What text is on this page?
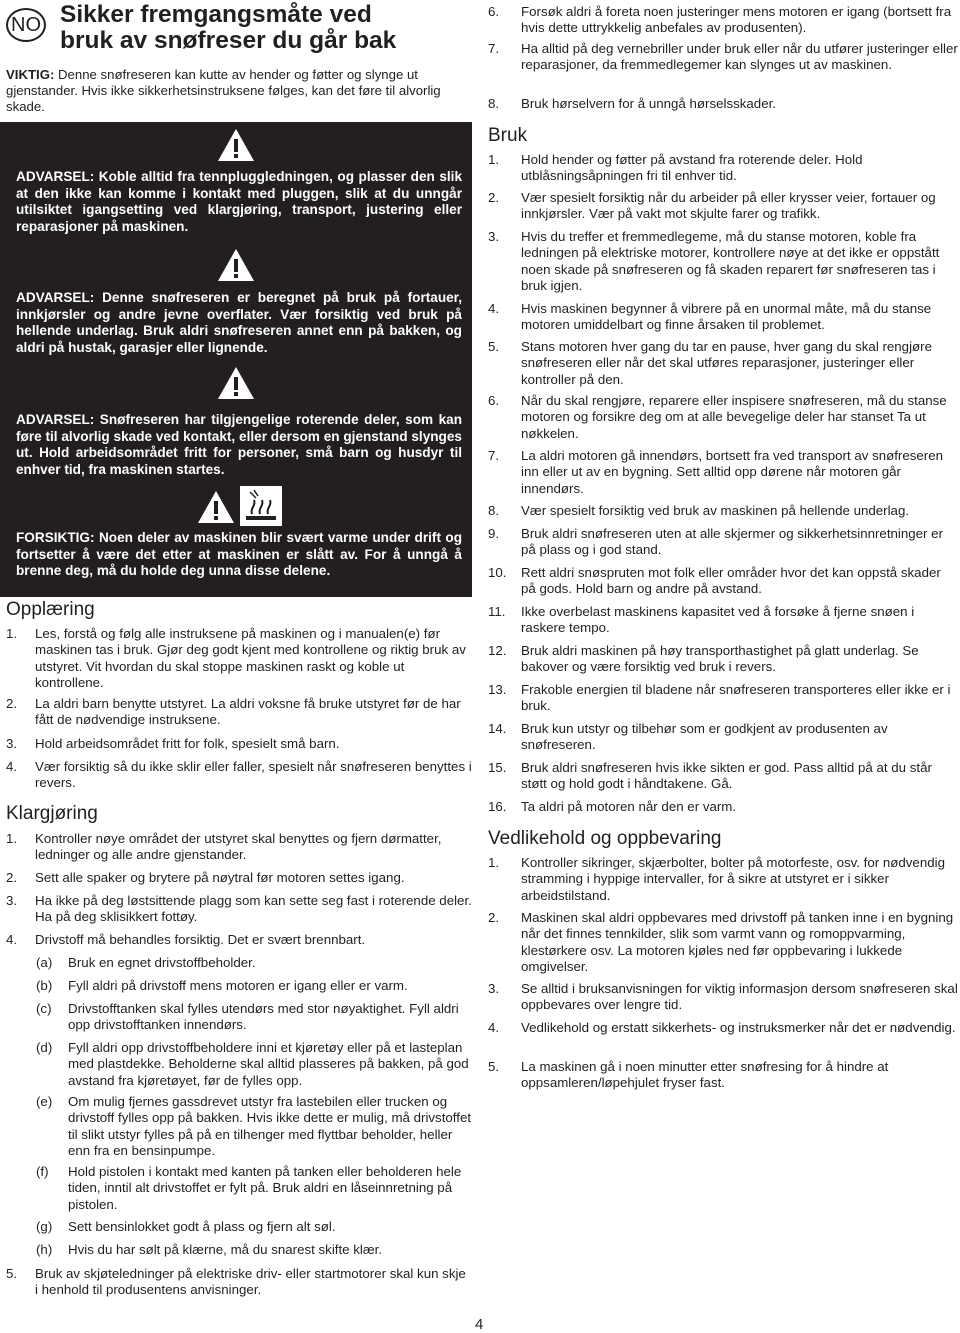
NO Sikker fremgangsmåte ved
bruk av snøfreser du går bak
VIKTIG: Denne snøfreseren kan kutte av hender og føtter og slynge ut gjenstander. Hvis ikke sikkerhetsinstruksene følges, kan det føre til alvorlig skade.
ADVARSEL: Koble alltid fra tennpluggledningen, og plasser den slik at den ikke kan komme i kontakt med pluggen, slik at du unngår utilsiktet igangsetting ved klargjøring, transport, justering eller reparasjoner på maskinen.
ADVARSEL: Denne snøfreseren er beregnet på bruk på fortauer, innkjørsler og andre jevne overflater. Vær forsiktig ved bruk på hellende underlag. Bruk aldri snøfreseren annet enn på bakken, og aldri på hustak, garasjer eller lignende.
ADVARSEL: Snøfreseren har tilgjengelige roterende deler, som kan føre til alvorlig skade ved kontakt, eller dersom en gjenstand slynges ut. Hold arbeidsområdet fritt for personer, små barn og husdyr til enhver tid, fra maskinen startes.
FORSIKTIG: Noen deler av maskinen blir svært varme under drift og fortsetter å være det etter at maskinen er slått av. For å unngå å brenne deg, må du holde deg unna disse delene.
Opplæring
1. Les, forstå og følg alle instruksene på maskinen og i manualen(e) før maskinen tas i bruk. Gjør deg godt kjent med kontrollene og riktig bruk av utstyret. Vit hvordan du skal stoppe maskinen raskt og koble ut kontrollene.
2. La aldri barn benytte utstyret. La aldri voksne få bruke utstyret før de har fått de nødvendige instruksene.
3. Hold arbeidsområdet fritt for folk, spesielt små barn.
4. Vær forsiktig så du ikke sklir eller faller, spesielt når snøfreseren benyttes i revers.
Klargjøring
1. Kontroller nøye området der utstyret skal benyttes og fjern dørmatter, ledninger og alle andre gjenstander.
2. Sett alle spaker og brytere på nøytral før motoren settes igang.
3. Ha ikke på deg løstsittende plagg som kan sette seg fast i roterende deler. Ha på deg sklisikkert fottøy.
4. Drivstoff må behandles forsiktig. Det er svært brennbart.
(a) Bruk en egnet drivstoffbeholder.
(b) Fyll aldri på drivstoff mens motoren er igang eller er varm.
(c) Drivstofftanken skal fylles utendørs med stor nøyaktighet. Fyll aldri opp drivstofftanken innendørs.
(d) Fyll aldri opp drivstoffbeholdere inni et kjøretøy eller på et lasteplan med plastdekke. Beholderne skal alltid plasseres på bakken, på god avstand fra kjøretøyet, før de fylles opp.
(e) Om mulig fjernes gassdrevet utstyr fra lastebilen eller trucken og drivstoff fylles opp på bakken. Hvis ikke dette er mulig, må drivstoffet til slikt utstyr fylles på på en tilhenger med flyttbar beholder, heller enn fra en bensinpumpe.
(f) Hold pistolen i kontakt med kanten på tanken eller beholderen hele tiden, inntil alt drivstoffet er fylt på. Bruk aldri en låseinnretning på pistolen.
(g) Sett bensinlokket godt å plass og fjern alt søl.
(h) Hvis du har sølt på klærne, må du snarest skifte klær.
5. Bruk av skjøteledninger på elektriske driv- eller startmotorer skal kun skje i henhold til produsentens anvisninger.
6. Forsøk aldri å foreta noen justeringer mens motoren er igang (bortsett fra hvis dette uttrykkelig anbefales av produsenten).
7. Ha alltid på deg vernebriller under bruk eller når du utfører justeringer eller reparasjoner, da fremmedlegemer kan slynges ut av maskinen.
8. Bruk hørselvern for å unngå hørselsskader.
Bruk
1. Hold hender og føtter på avstand fra roterende deler. Hold utblåsningsåpningen fri til enhver tid.
2. Vær spesielt forsiktig når du arbeider på eller krysser veier, fortauer og innkjørsler. Vær på vakt mot skjulte farer og trafikk.
3. Hvis du treffer et fremmedlegeme, må du stanse motoren, koble fra ledningen på elektriske motorer, kontrollere nøye at det ikke er oppstått noen skade på snøfreseren og få skaden reparert før snøfreseren tas i bruk igjen.
4. Hvis maskinen begynner å vibrere på en unormal måte, må du stanse motoren umiddelbart og finne årsaken til problemet.
5. Stans motoren hver gang du tar en pause, hver gang du skal rengjøre snøfreseren eller når det skal utføres reparasjoner, justeringer eller kontroller på den.
6. Når du skal rengjøre, reparere eller inspisere snøfreseren, må du stanse motoren og forsikre deg om at alle bevegelige deler har stanset Ta ut nøkkelen.
7. La aldri motoren gå innendørs, bortsett fra ved transport av snøfreseren inn eller ut av en bygning. Sett alltid opp dørene når motoren går innendørs.
8. Vær spesielt forsiktig ved bruk av maskinen på hellende underlag.
9. Bruk aldri snøfreseren uten at alle skjermer og sikkerhetsinnretninger er på plass og i god stand.
10. Rett aldri snøspruten mot folk eller områder hvor det kan oppstå skader på gods. Hold barn og andre på avstand.
11. Ikke overbelast maskinens kapasitet ved å forsøke å fjerne snøen i raskere tempo.
12. Bruk aldri maskinen på høy transporthastighet på glatt underlag. Se bakover og være forsiktig ved bruk i revers.
13. Frakoble energien til bladene når snøfreseren transporteres eller ikke er i bruk.
14. Bruk kun utstyr og tilbehør som er godkjent av produsenten av snøfreseren.
15. Bruk aldri snøfreseren hvis ikke sikten er god. Pass alltid på at du står støtt og hold godt i håndtakene. Gå.
16. Ta aldri på motoren når den er varm.
Vedlikehold og oppbevaring
1. Kontroller sikringer, skjærbolter, bolter på motorfeste, osv. for nødvendig stramming i hyppige intervaller, for å sikre at utstyret er i sikker arbeidstilstand.
2. Maskinen skal aldri oppbevares med drivstoff på tanken inne i en bygning når det finnes tennkilder, slik som varmt vann og romoppvarming, klestørkere osv. La motoren kjøles ned før oppbevaring i lukkede omgivelser.
3. Se alltid i bruksanvisningen for viktig informasjon dersom snøfreseren skal oppbevares over lengre tid.
4. Vedlikehold og erstatt sikkerhets- og instruksmerker når det er nødvendig.
5. La maskinen gå i noen minutter etter snøfresing for å hindre at oppsamleren/løpehjulet fryser fast.
4
